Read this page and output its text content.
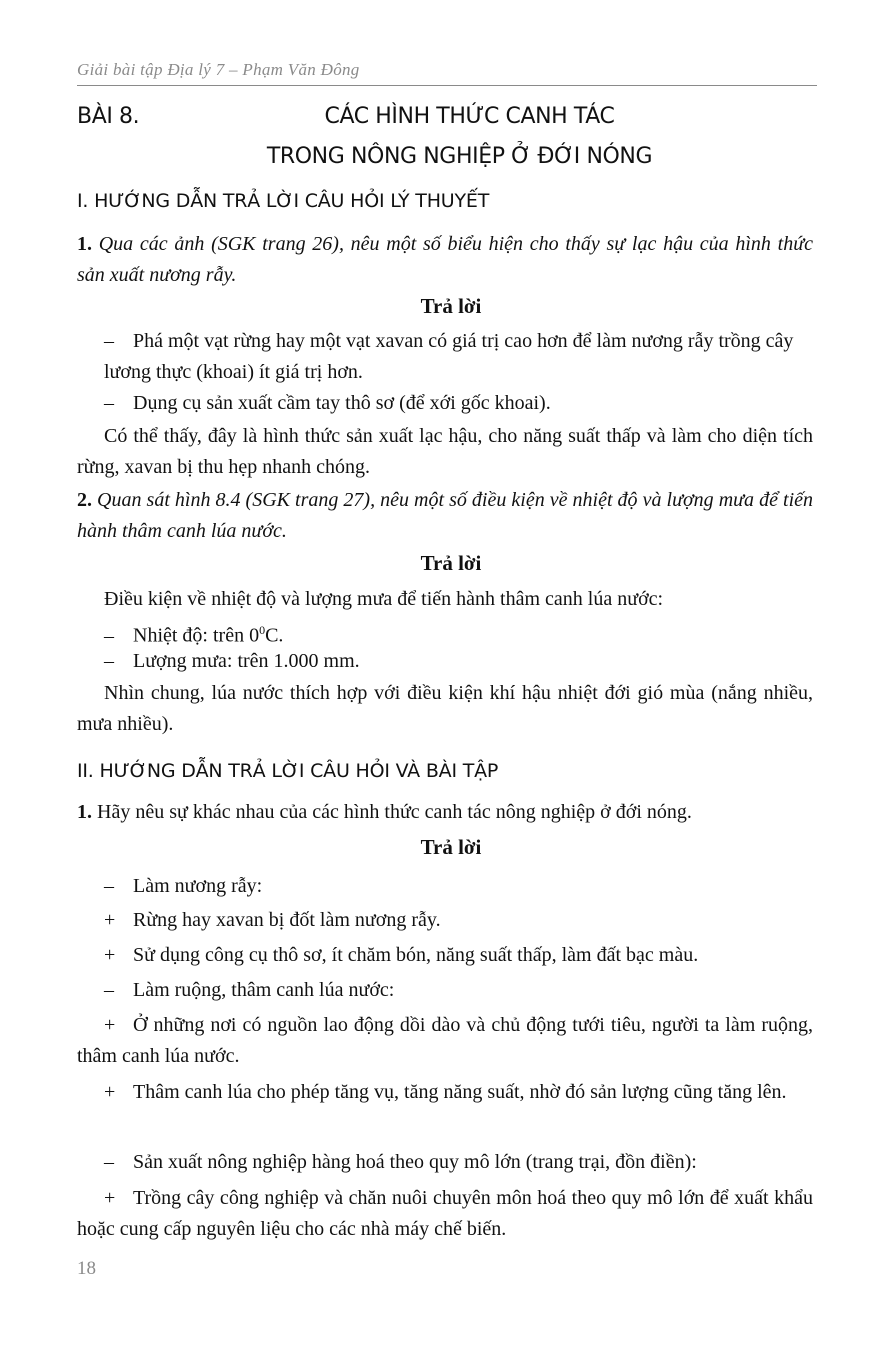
Giải bài tập Địa lý 7 – Phạm Văn Đông
BÀI 8.	CÁC HÌNH THỨC CANH TÁC
TRONG NÔNG NGHIỆP Ở ĐỚI NÓNG
I. HƯỚNG DẪN TRẢ LỜI CÂU HỎI LÝ THUYẾT
1. Qua các ảnh (SGK trang 26), nêu một số biểu hiện cho thấy sự lạc hậu của hình thức sản xuất nương rẫy.
Trả lời
– Phá một vạt rừng hay một vạt xavan có giá trị cao hơn để làm nương rẫy trồng cây lương thực (khoai) ít giá trị hơn.
– Dụng cụ sản xuất cầm tay thô sơ (để xới gốc khoai).
Có thể thấy, đây là hình thức sản xuất lạc hậu, cho năng suất thấp và làm cho diện tích rừng, xavan bị thu hẹp nhanh chóng.
2. Quan sát hình 8.4 (SGK trang 27), nêu một số điều kiện về nhiệt độ và lượng mưa để tiến hành thâm canh lúa nước.
Trả lời
Điều kiện về nhiệt độ và lượng mưa để tiến hành thâm canh lúa nước:
– Nhiệt độ: trên $0^0C$.
– Lượng mưa: trên 1.000 mm.
Nhìn chung, lúa nước thích hợp với điều kiện khí hậu nhiệt đới gió mùa (nắng nhiều, mưa nhiều).
II. HƯỚNG DẪN TRẢ LỜI CÂU HỎI VÀ BÀI TẬP
1. Hãy nêu sự khác nhau của các hình thức canh tác nông nghiệp ở đới nóng.
Trả lời
– Làm nương rẫy:
+ Rừng hay xavan bị đốt làm nương rẫy.
+ Sử dụng công cụ thô sơ, ít chăm bón, năng suất thấp, làm đất bạc màu.
– Làm ruộng, thâm canh lúa nước:
+ Ở những nơi có nguồn lao động dồi dào và chủ động tưới tiêu, người ta làm ruộng, thâm canh lúa nước.
+ Thâm canh lúa cho phép tăng vụ, tăng năng suất, nhờ đó sản lượng cũng tăng lên.
– Sản xuất nông nghiệp hàng hoá theo quy mô lớn (trang trại, đồn điền):
+ Trồng cây công nghiệp và chăn nuôi chuyên môn hoá theo quy mô lớn để xuất khẩu hoặc cung cấp nguyên liệu cho các nhà máy chế biến.
18
